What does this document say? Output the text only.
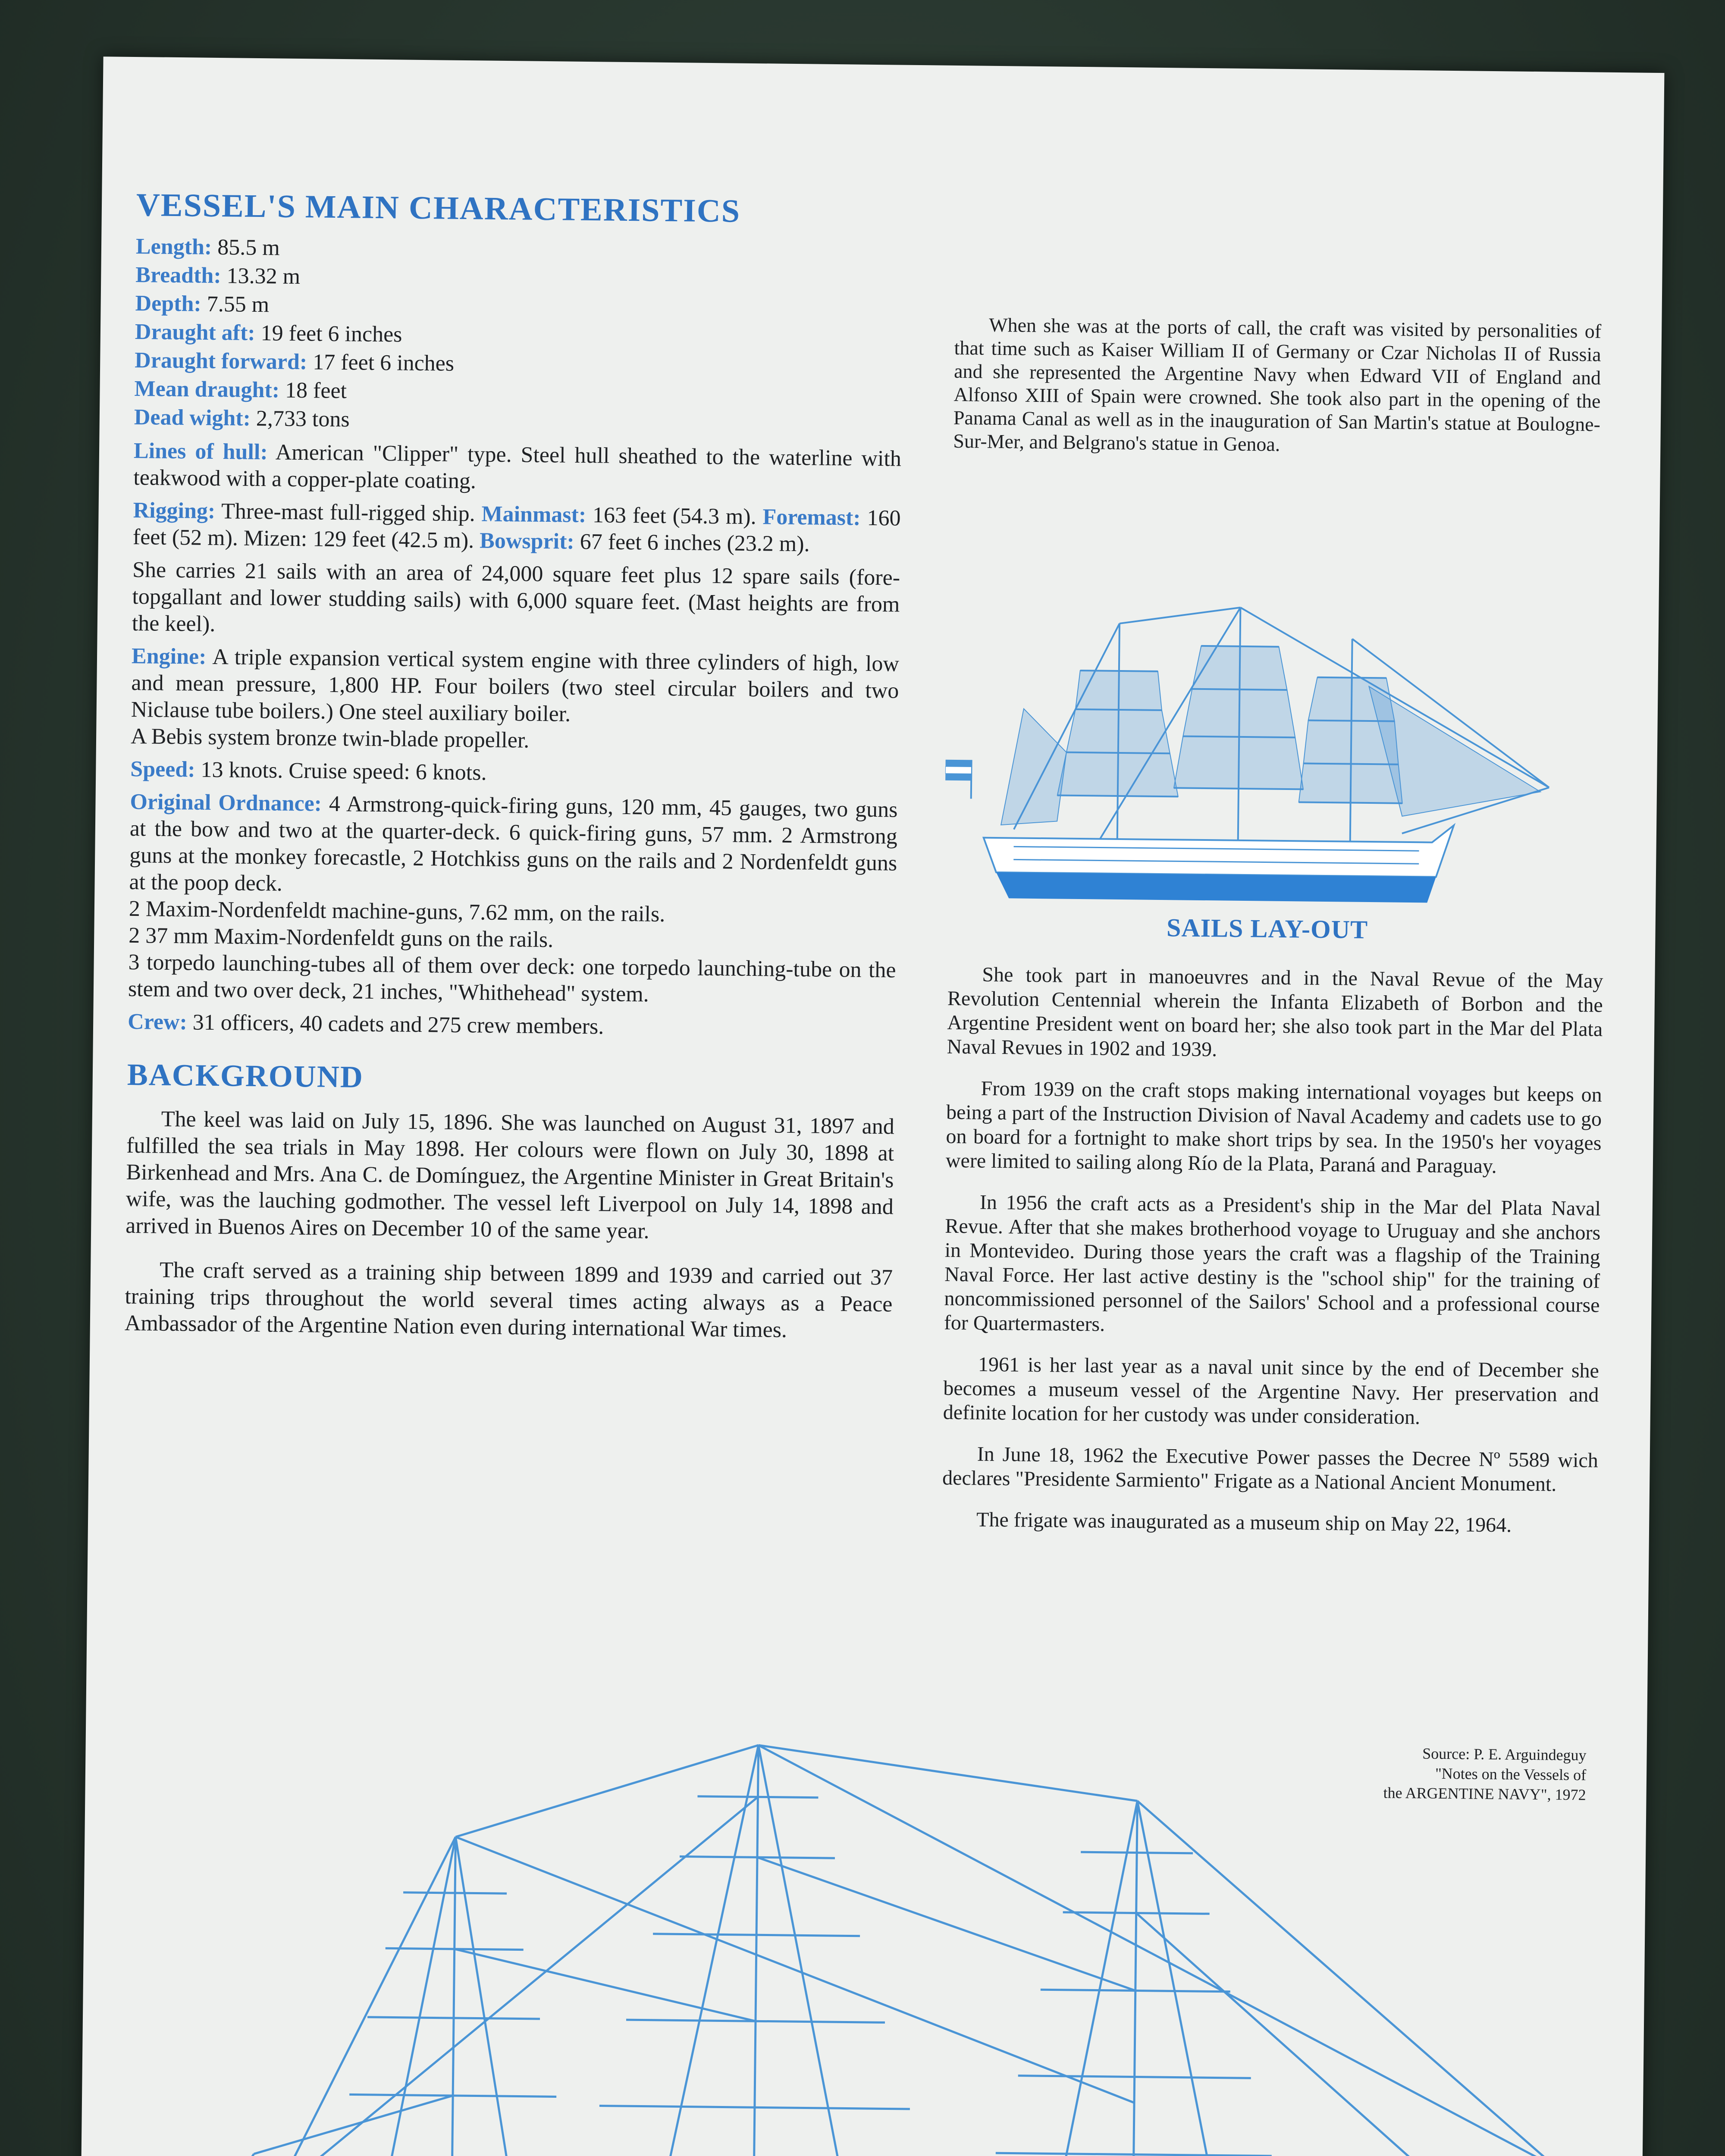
VESSEL'S MAIN CHARACTERISTICS

Length: 85.5 m

Breadth: 13.32 m

Depth: 7.55 m

Draught aft: 19 feet 6 inches

Draught forward: 17 feet 6 inches

Mean draught: 18 feet

Dead wight: 2,733 tons

Lines of hull: American "Clipper" type. Steel hull sheathed to the waterline with teakwood with a copper-plate coating.

Rigging: Three-mast full-rigged ship. Mainmast: 163 feet (54.3 m). Foremast: 160 feet (52 m). Mizen: 129 feet (42.5 m). Bowsprit: 67 feet 6 inches (23.2 m).

She carries 21 sails with an area of 24,000 square feet plus 12 spare sails (fore-topgallant and lower studding sails) with 6,000 square feet. (Mast heights are from the keel).

Engine: A triple expansion vertical system engine with three cylinders of high, low and mean pressure, 1,800 HP. Four boilers (two steel circular boilers and two Niclause tube boilers.) One steel auxiliary boiler.
A Bebis system bronze twin-blade propeller.

Speed: 13 knots. Cruise speed: 6 knots.

Original Ordnance: 4 Armstrong-quick-firing guns, 120 mm, 45 gauges, two guns at the bow and two at the quarter-deck. 6 quick-firing guns, 57 mm. 2 Armstrong guns at the monkey forecastle, 2 Hotchkiss guns on the rails and 2 Nordenfeldt guns at the poop deck.
2 Maxim-Nordenfeldt machine-guns, 7.62 mm, on the rails.
2 37 mm Maxim-Nordenfeldt guns on the rails.
3 torpedo launching-tubes all of them over deck: one torpedo launching-tube on the stem and two over deck, 21 inches, "Whithehead" system.

Crew: 31 officers, 40 cadets and 275 crew members.

BACKGROUND

The keel was laid on July 15, 1896. She was launched on August 31, 1897 and fulfilled the sea trials in May 1898. Her colours were flown on July 30, 1898 at Birkenhead and Mrs. Ana C. de Domínguez, the Argentine Minister in Great Britain's wife, was the lauching godmother. The vessel left Liverpool on July 14, 1898 and arrived in Buenos Aires on December 10 of the same year.

The craft served as a training ship between 1899 and 1939 and carried out 37 training trips throughout the world several times acting always as a Peace Ambassador of the Argentine Nation even during international War times.

When she was at the ports of call, the craft was visited by personalities of that time such as Kaiser William II of Germany or Czar Nicholas II of Russia and she represented the Argentine Navy when Edward VII of England and Alfonso XIII of Spain were crowned. She took also part in the opening of the Panama Canal as well as in the inauguration of San Martin's statue at Boulogne-Sur-Mer, and Belgrano's statue in Genoa.

SAILS LAY-OUT

She took part in manoeuvres and in the Naval Revue of the May Revolution Centennial wherein the Infanta Elizabeth of Borbon and the Argentine President went on board her; she also took part in the Mar del Plata Naval Revues in 1902 and 1939.

From 1939 on the craft stops making international voyages but keeps on being a part of the Instruction Division of Naval Academy and cadets use to go on board for a fortnight to make short trips by sea. In the 1950's her voyages were limited to sailing along Río de la Plata, Paraná and Paraguay.

In 1956 the craft acts as a President's ship in the Mar del Plata Naval Revue. After that she makes brotherhood voyage to Uruguay and she anchors in Montevideo. During those years the craft was a flagship of the Training Naval Force. Her last active destiny is the "school ship" for the training of noncommissioned personnel of the Sailors' School and a professional course for Quartermasters.

1961 is her last year as a naval unit since by the end of December she becomes a museum vessel of the Argentine Navy. Her preservation and definite location for her custody was under consideration.

In June 18, 1962 the Executive Power passes the Decree Nº 5589 wich declares "Presidente Sarmiento" Frigate as a National Ancient Monument.

The frigate was inaugurated as a museum ship on May 22, 1964.

Source: P. E. Arguindeguy
"Notes on the Vessels of
the ARGENTINE NAVY", 1972
